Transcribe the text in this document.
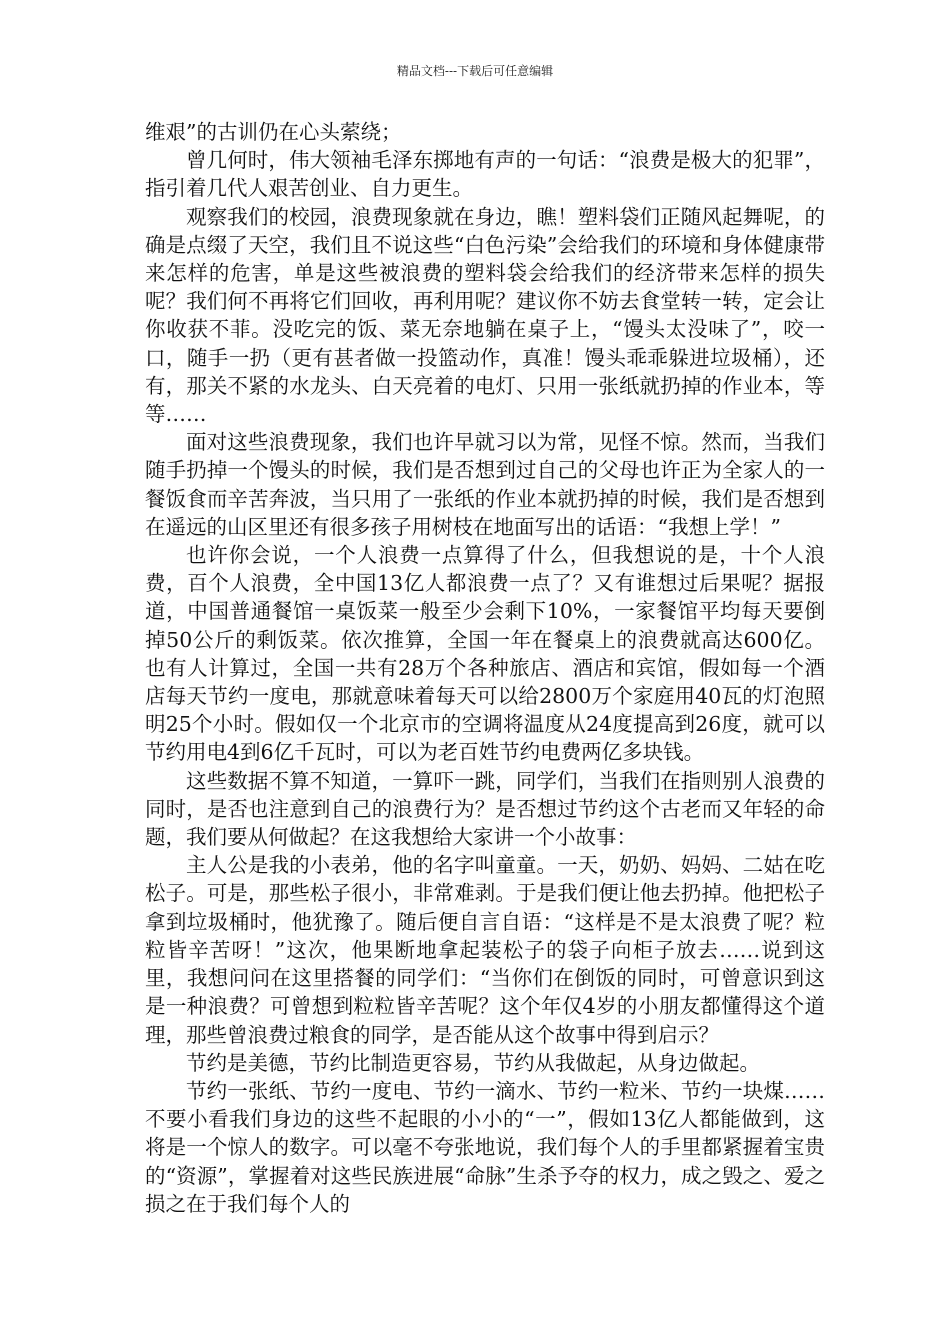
精品文档---下载后可任意编辑

维艰”的古训仍在心头萦绕；

曾几何时，伟大领袖毛泽东掷地有声的一句话：“浪费是极大的犯罪”，指引着几代人艰苦创业、自力更生。

观察我们的校园，浪费现象就在身边，瞧！塑料袋们正随风起舞呢，的确是点缀了天空，我们且不说这些“白色污染”会给我们的环境和身体健康带来怎样的危害，单是这些被浪费的塑料袋会给我们的经济带来怎样的损失呢？我们何不再将它们回收，再利用呢？建议你不妨去食堂转一转，定会让你收获不菲。没吃完的饭、菜无奈地躺在桌子上，“馒头太没味了”，咬一口，随手一扔（更有甚者做一投篮动作，真准！馒头乖乖躲进垃圾桶），还有，那关不紧的水龙头、白天亮着的电灯、只用一张纸就扔掉的作业本，等等……

面对这些浪费现象，我们也许早就习以为常，见怪不惊。然而，当我们随手扔掉一个馒头的时候，我们是否想到过自己的父母也许正为全家人的一餐饭食而辛苦奔波，当只用了一张纸的作业本就扔掉的时候，我们是否想到在遥远的山区里还有很多孩子用树枝在地面写出的话语：“我想上学！”

也许你会说，一个人浪费一点算得了什么，但我想说的是，十个人浪费，百个人浪费，全中国13亿人都浪费一点了？又有谁想过后果呢？据报道，中国普通餐馆一桌饭菜一般至少会剩下10%，一家餐馆平均每天要倒掉50公斤的剩饭菜。依次推算，全国一年在餐桌上的浪费就高达600亿。也有人计算过，全国一共有28万个各种旅店、酒店和宾馆，假如每一个酒店每天节约一度电，那就意味着每天可以给2800万个家庭用40瓦的灯泡照明25个小时。假如仅一个北京市的空调将温度从24度提高到26度，就可以节约用电4到6亿千瓦时，可以为老百姓节约电费两亿多块钱。

这些数据不算不知道，一算吓一跳，同学们，当我们在指则别人浪费的同时，是否也注意到自己的浪费行为？是否想过节约这个古老而又年轻的命题，我们要从何做起？在这我想给大家讲一个小故事：

主人公是我的小表弟，他的名字叫童童。一天，奶奶、妈妈、二姑在吃松子。可是，那些松子很小，非常难剥。于是我们便让他去扔掉。他把松子拿到垃圾桶时，他犹豫了。随后便自言自语：“这样是不是太浪费了呢？粒粒皆辛苦呀！”这次，他果断地拿起装松子的袋子向柜子放去……说到这里，我想问问在这里搭餐的同学们：“当你们在倒饭的同时，可曾意识到这是一种浪费？可曾想到粒粒皆辛苦呢？这个年仅4岁的小朋友都懂得这个道理，那些曾浪费过粮食的同学，是否能从这个故事中得到启示？

节约是美德，节约比制造更容易，节约从我做起，从身边做起。

节约一张纸、节约一度电、节约一滴水、节约一粒米、节约一块煤……不要小看我们身边的这些不起眼的小小的“一”，假如13亿人都能做到，这将是一个惊人的数字。可以毫不夸张地说，我们每个人的手里都紧握着宝贵的“资源”，掌握着对这些民族进展“命脉”生杀予夺的权力，成之毁之、爱之损之在于我们每个人的
